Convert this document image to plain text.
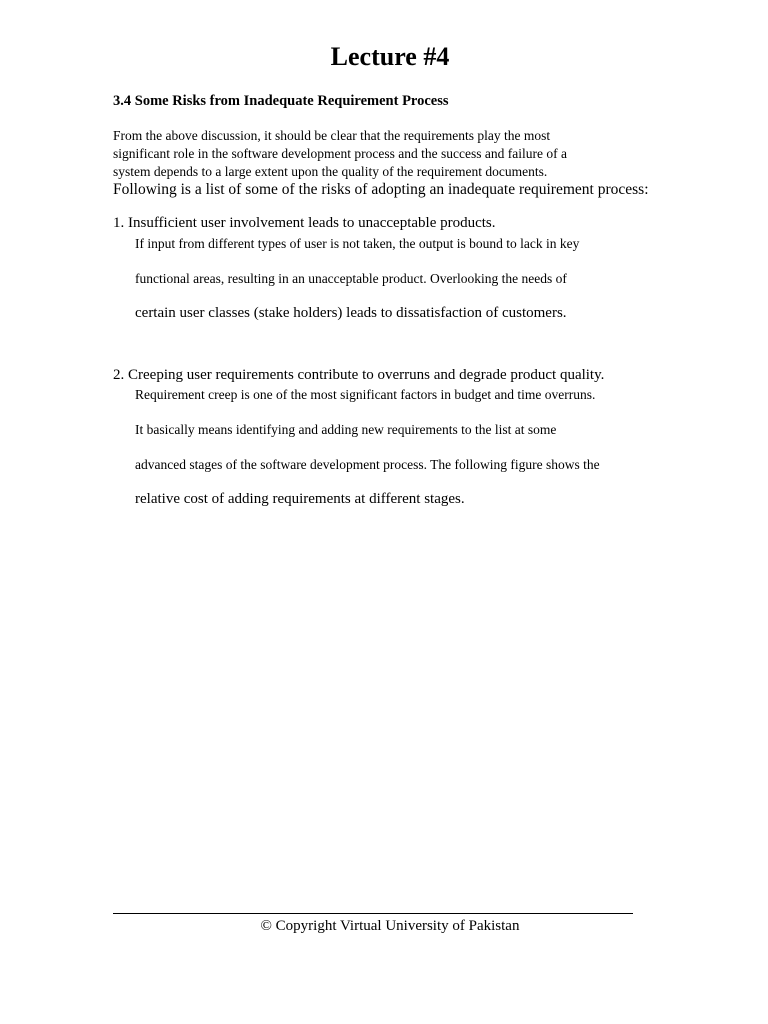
Lecture #4
3.4 Some Risks from Inadequate Requirement Process
From the above discussion, it should be clear that the requirements play the most
significant role in the software development process and the success and failure of a
system depends to a large extent upon the quality of the requirement documents.
Following is a list of some of the risks of adopting an inadequate requirement process:
1. Insufficient user involvement leads to unacceptable products.
If input from different types of user is not taken, the output is bound to lack in key
functional areas, resulting in an unacceptable product. Overlooking the needs of
certain user classes (stake holders) leads to dissatisfaction of customers.
2. Creeping user requirements contribute to overruns and degrade product quality.
Requirement creep is one of the most significant factors in budget and time overruns.
It basically means identifying and adding new requirements to the list at some
advanced stages of the software development process. The following figure shows the
relative cost of adding requirements at different stages.
© Copyright Virtual University of Pakistan
